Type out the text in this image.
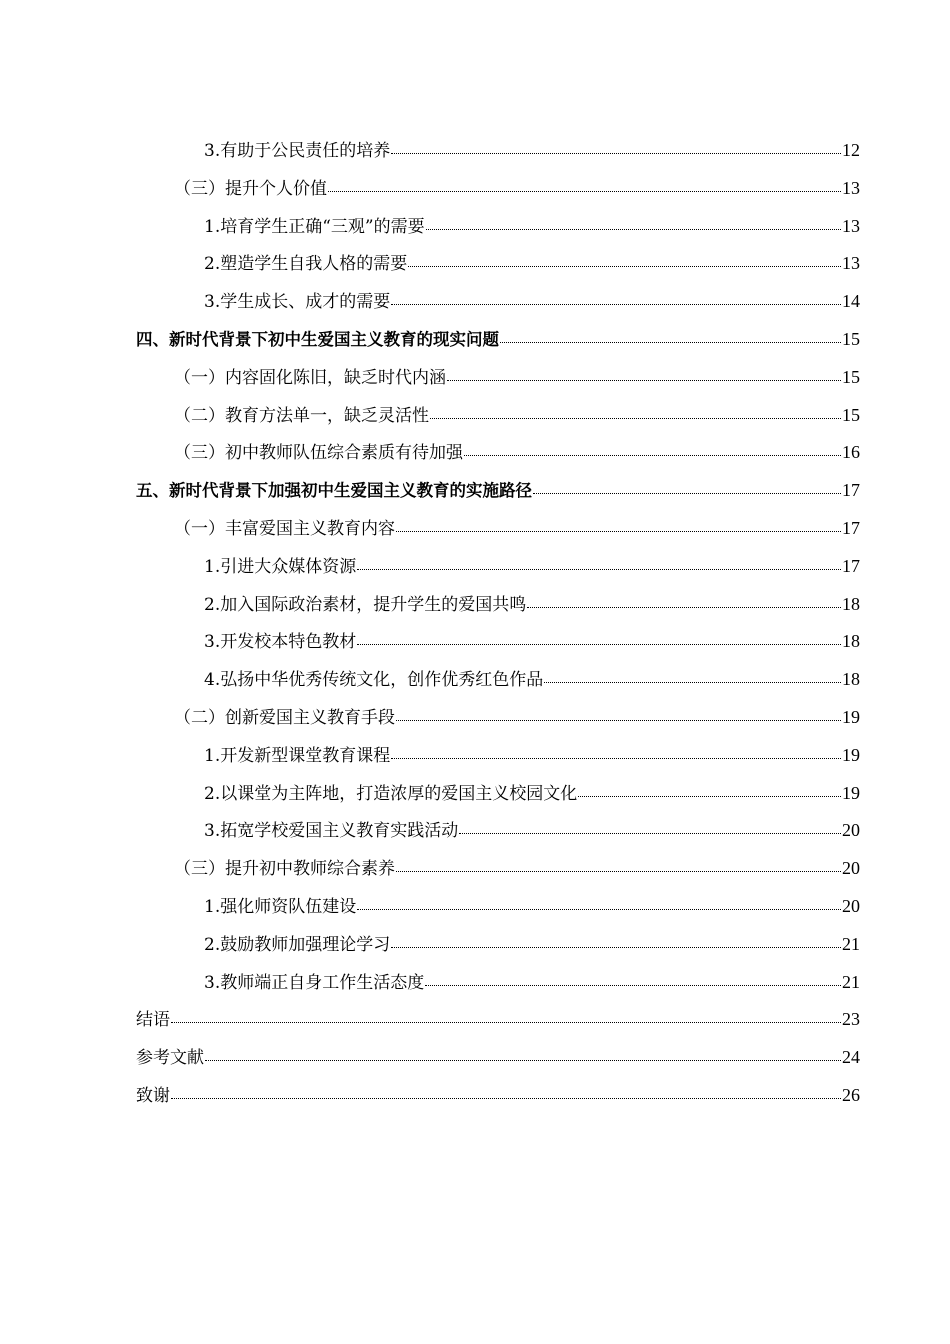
3.有助于公民责任的培养	12
（三）提升个人价值	13
1.培育学生正确“三观”的需要	13
2.塑造学生自我人格的需要	13
3.学生成长、成才的需要	14
四、新时代背景下初中生爱国主义教育的现实问题	15
（一）内容固化陈旧，缺乏时代内涵	15
（二）教育方法单一，缺乏灵活性	15
（三）初中教师队伍综合素质有待加强	16
五、新时代背景下加强初中生爱国主义教育的实施路径	17
（一）丰富爱国主义教育内容	17
1.引进大众媒体资源	17
2.加入国际政治素材，提升学生的爱国共鸣	18
3.开发校本特色教材	18
4.弘扬中华优秀传统文化，创作优秀红色作品	18
（二）创新爱国主义教育手段	19
1.开发新型课堂教育课程	19
2.以课堂为主阵地，打造浓厚的爱国主义校园文化	19
3.拓宽学校爱国主义教育实践活动	20
（三）提升初中教师综合素养	20
1.强化师资队伍建设	20
2.鼓励教师加强理论学习	21
3.教师端正自身工作生活态度	21
结语	23
参考文献	24
致谢	26
